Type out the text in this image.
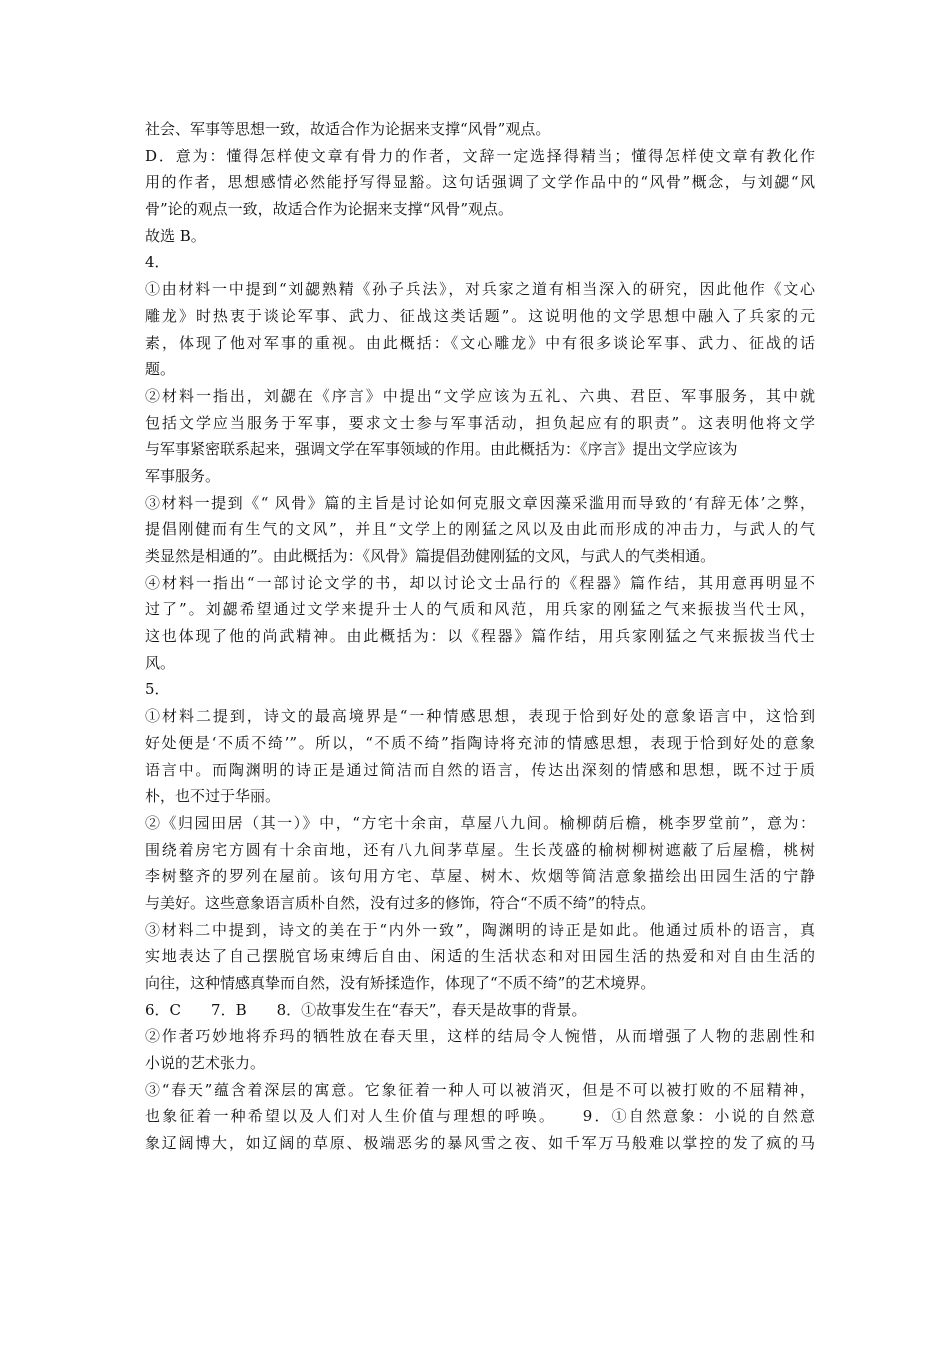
社会、军事等思想一致，故适合作为论据来支撑“风骨”观点。
D．意为：懂得怎样使文章有骨力的作者，文辞一定选择得精当；懂得怎样使文章有教化作
用的作者，思想感情必然能抒写得显豁。这句话强调了文学作品中的“风骨”概念，与刘勰“风
骨”论的观点一致，故适合作为论据来支撑“风骨”观点。
故选 B。
4．
①由材料一中提到“刘勰熟精《孙子兵法》，对兵家之道有相当深入的研究，因此他作《文心
雕龙》时热衷于谈论军事、武力、征战这类话题”。这说明他的文学思想中融入了兵家的元
素，体现了他对军事的重视。由此概括：《文心雕龙》中有很多谈论军事、武力、征战的话
题。
②材料一指出，刘勰在《序言》中提出“文学应该为五礼、六典、君臣、军事服务，其中就
包括文学应当服务于军事，要求文士参与军事活动，担负起应有的职责”。这表明他将文学
与军事紧密联系起来，强调文学在军事领域的作用。由此概括为：《序言》提出文学应该为
军事服务。
③材料一提到《“ 风骨》篇的主旨是讨论如何克服文章因藻采滥用而导致的‘有辞无体’之弊，
提倡刚健而有生气的文风”，并且“文学上的刚猛之风以及由此而形成的冲击力，与武人的气
类显然是相通的”。由此概括为：《风骨》篇提倡劲健刚猛的文风，与武人的气类相通。
④材料一指出“一部讨论文学的书，却以讨论文士品行的《程器》篇作结，其用意再明显不
过了”。刘勰希望通过文学来提升士人的气质和风范，用兵家的刚猛之气来振拔当代士风，
这也体现了他的尚武精神。由此概括为：以《程器》篇作结，用兵家刚猛之气来振拔当代士
风。
5．
①材料二提到，诗文的最高境界是“一种情感思想，表现于恰到好处的意象语言中，这恰到
好处便是‘不质不绮’”。所以，“不质不绮”指陶诗将充沛的情感思想，表现于恰到好处的意象
语言中。而陶渊明的诗正是通过简洁而自然的语言，传达出深刻的情感和思想，既不过于质
朴，也不过于华丽。
②《归园田居（其一）》中，“方宅十余亩，草屋八九间。榆柳荫后檐，桃李罗堂前”，意为：
围绕着房宅方圆有十余亩地，还有八九间茅草屋。生长茂盛的榆树柳树遮蔽了后屋檐，桃树
李树整齐的罗列在屋前。该句用方宅、草屋、树木、炊烟等简洁意象描绘出田园生活的宁静
与美好。这些意象语言质朴自然，没有过多的修饰，符合“不质不绮”的特点。
③材料二中提到，诗文的美在于“内外一致”，陶渊明的诗正是如此。他通过质朴的语言，真
实地表达了自己摆脱官场束缚后自由、闲适的生活状态和对田园生活的热爱和对自由生活的
向往，这种情感真挚而自然，没有矫揉造作，体现了“不质不绮”的艺术境界。
6．C　　7．B　　8．①故事发生在“春天”，春天是故事的背景。
②作者巧妙地将乔玛的牺牲放在春天里，这样的结局令人惋惜，从而增强了人物的悲剧性和
小说的艺术张力。
③“春天”蕴含着深层的寓意。它象征着一种人可以被消灭，但是不可以被打败的不屈精神，
也象征着一种希望以及人们对人生价值与理想的呼唤。　　9．①自然意象：小说的自然意
象辽阔博大，如辽阔的草原、极端恶劣的暴风雪之夜、如千军万马般难以掌控的发了疯的马
